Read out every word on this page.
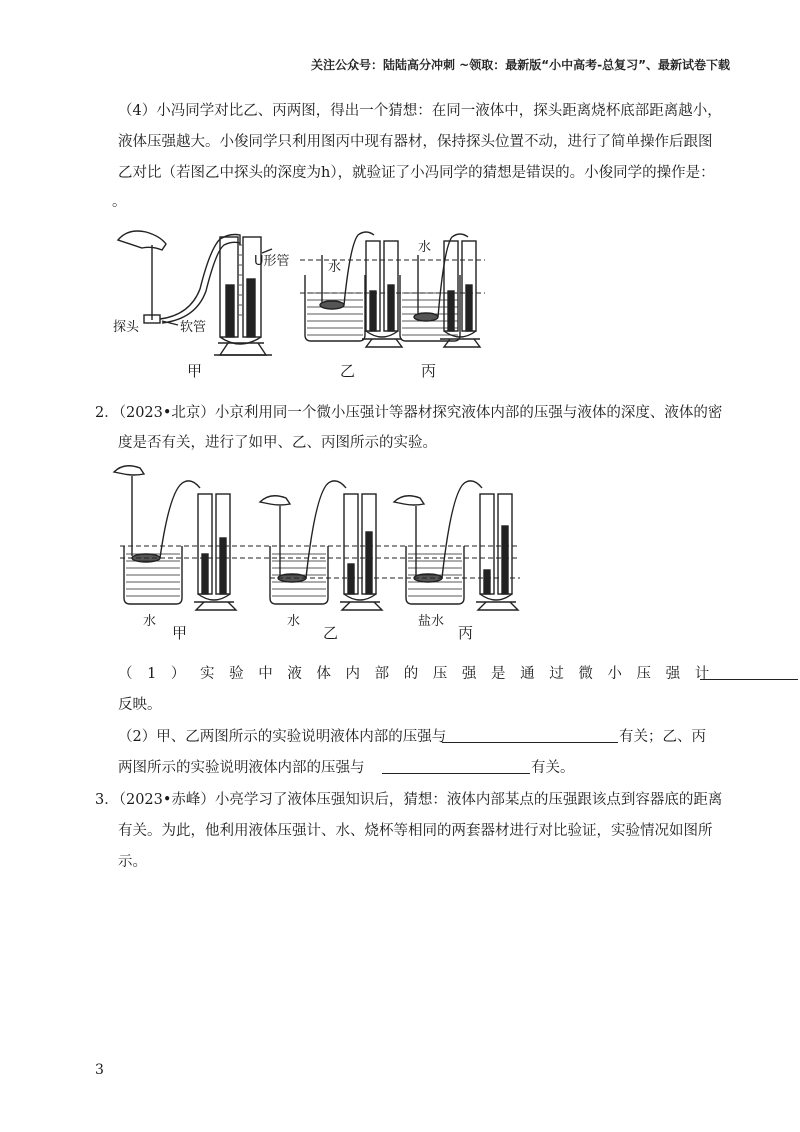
关注公众号：陆陆高分冲刺 ~领取：最新版“小中高考-总复习”、最新试卷下载
（4）小冯同学对比乙、丙两图，得出一个猜想：在同一液体中，探头距离烧杯底部距离越小，
液体压强越大。小俊同学只利用图丙中现有器材，保持探头位置不动，进行了简单操作后跟图
乙对比（若图乙中探头的深度为h），就验证了小冯同学的猜想是错误的。小俊同学的操作是：
。
U形管
探头	软管
水
水
甲	乙	丙
2．（2023•北京）小京利用同一个微小压强计等器材探究液体内部的压强与液体的深度、液体的密
度是否有关，进行了如甲、乙、丙图所示的实验。
水	水	盐水
甲	乙	丙
（1）实验中液体内部的压强是通过微小压强计
反映。
（2）甲、乙两图所示的实验说明液体内部的压强与	有关；乙、丙
两图所示的实验说明液体内部的压强与	有关。
3．（2023•赤峰）小亮学习了液体压强知识后，猜想：液体内部某点的压强跟该点到容器底的距离
有关。为此，他利用液体压强计、水、烧杯等相同的两套器材进行对比验证，实验情况如图所
示。
3
